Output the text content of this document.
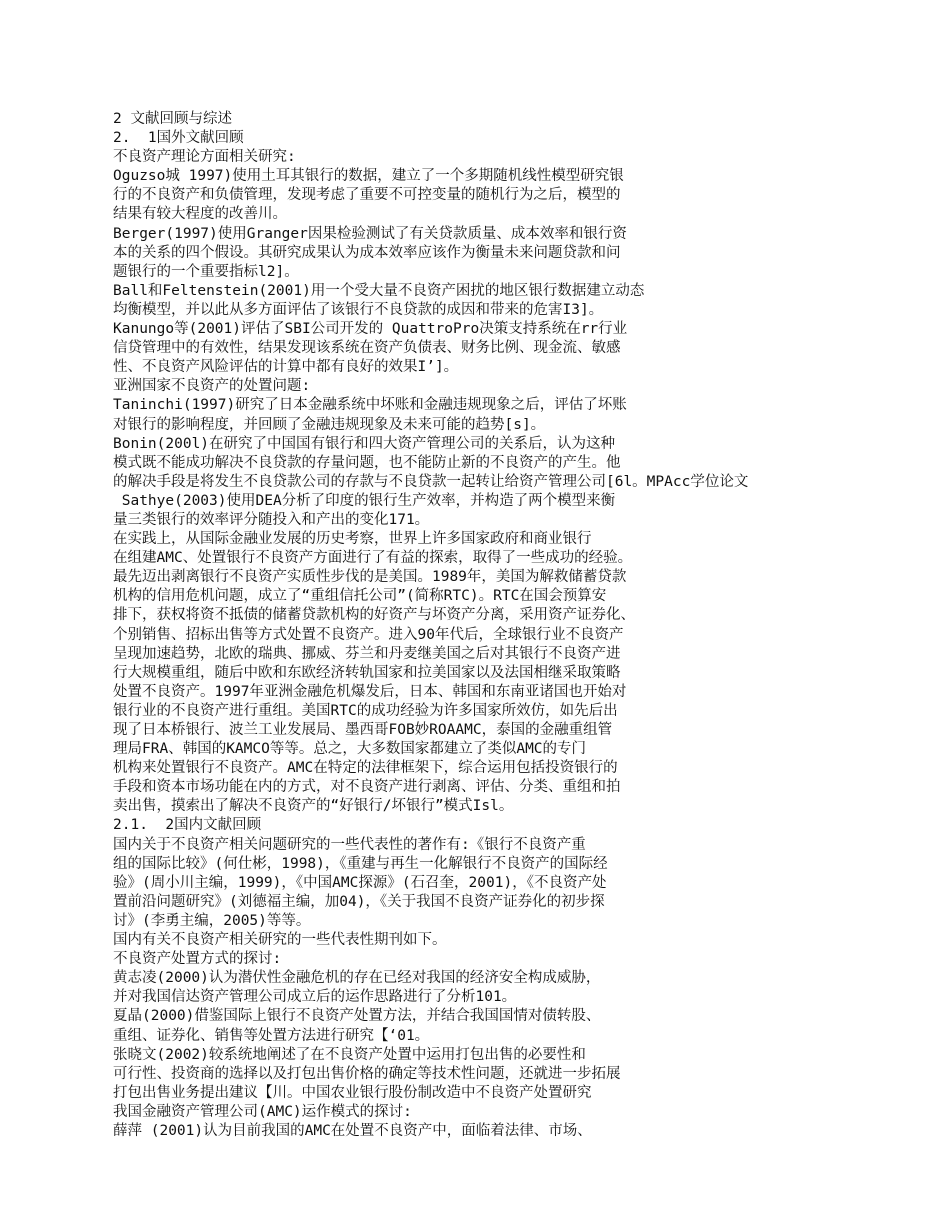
2 文献回顾与综述
2.  1国外文献回顾
不良资产理论方面相关研究:
Oguzso城 1997)使用土耳其银行的数据，建立了一个多期随机线性模型研究银
行的不良资产和负债管理，发现考虑了重要不可控变量的随机行为之后，模型的
结果有较大程度的改善川。
Berger(1997)使用Granger因果检验测试了有关贷款质量、成本效率和银行资
本的关系的四个假设。其研究成果认为成本效率应该作为衡量未来问题贷款和问
题银行的一个重要指标l2]。
Ball和Feltenstein(2001)用一个受大量不良资产困扰的地区银行数据建立动态
均衡模型，并以此从多方面评估了该银行不良贷款的成因和带来的危害I3]。
Kanungo等(2001)评估了SBI公司开发的 QuattroPro决策支持系统在rr行业
信贷管理中的有效性，结果发现该系统在资产负债表、财务比例、现金流、敏感
性、不良资产风险评估的计算中都有良好的效果I’]。
亚洲国家不良资产的处置问题:
Taninchi(1997)研究了日本金融系统中坏账和金融违规现象之后，评估了坏账
对银行的影响程度，并回顾了金融违规现象及未来可能的趋势[s]。
Bonin(200l)在研究了中国国有银行和四大资产管理公司的关系后，认为这种
模式既不能成功解决不良贷款的存量问题，也不能防止新的不良资产的产生。他
的解决手段是将发生不良贷款公司的存款与不良贷款一起转让给资产管理公司[6l。MPAcc学位论文
Sathye(2003)使用DEA分析了印度的银行生产效率，并构造了两个模型来衡
量三类银行的效率评分随投入和产出的变化171。
在实践上，从国际金融业发展的历史考察，世界上许多国家政府和商业银行
在组建AMC、处置银行不良资产方面进行了有益的探索，取得了一些成功的经验。
最先迈出剥离银行不良资产实质性步伐的是美国。1989年，美国为解救储蓄贷款
机构的信用危机问题，成立了“重组信托公司”(简称RTC)。RTC在国会预算安
排下，获权将资不抵债的储蓄贷款机构的好资产与坏资产分离，采用资产证券化、
个别销售、招标出售等方式处置不良资产。进入90年代后，全球银行业不良资产
呈现加速趋势，北欧的瑞典、挪威、芬兰和丹麦继美国之后对其银行不良资产进
行大规模重组，随后中欧和东欧经济转轨国家和拉美国家以及法国相继采取策略
处置不良资产。1997年亚洲金融危机爆发后，日本、韩国和东南亚诸国也开始对
银行业的不良资产进行重组。美国RTC的成功经验为许多国家所效仿，如先后出
现了日本桥银行、波兰工业发展局、墨西哥FOB妙ROAAMC，泰国的金融重组管
理局FRA、韩国的KAMCO等等。总之，大多数国家都建立了类似AMC的专门
机构来处置银行不良资产。AMC在特定的法律框架下，综合运用包括投资银行的
手段和资本市场功能在内的方式，对不良资产进行剥离、评估、分类、重组和拍
卖出售，摸索出了解决不良资产的“好银行/坏银行”模式Isl。
2.1.  2国内文献回顾
国内关于不良资产相关问题研究的一些代表性的著作有:《银行不良资产重
组的国际比较》(何仕彬，1998)，《重建与再生一化解银行不良资产的国际经
验》(周小川主编，1999)，《中国AMC探源》(石召奎，2001)，《不良资产处
置前沿问题研究》(刘德福主编，加04)，《关于我国不良资产证券化的初步探
讨》(李勇主编，2005)等等。
国内有关不良资产相关研究的一些代表性期刊如下。
不良资产处置方式的探讨:
黄志凌(2000)认为潜伏性金融危机的存在已经对我国的经济安全构成威胁，
并对我国信达资产管理公司成立后的运作思路进行了分析101。
夏晶(2000)借鉴国际上银行不良资产处置方法，并结合我国国情对债转股、
重组、证券化、销售等处置方法进行研究【‘01。
张晓文(2002)较系统地阐述了在不良资产处置中运用打包出售的必要性和
可行性、投资商的选择以及打包出售价格的确定等技术性问题，还就进一步拓展
打包出售业务提出建议【川。中国农业银行股份制改造中不良资产处置研究
我国金融资产管理公司(AMC)运作模式的探讨:
薛萍 (2001)认为目前我国的AMC在处置不良资产中，面临着法律、市场、
